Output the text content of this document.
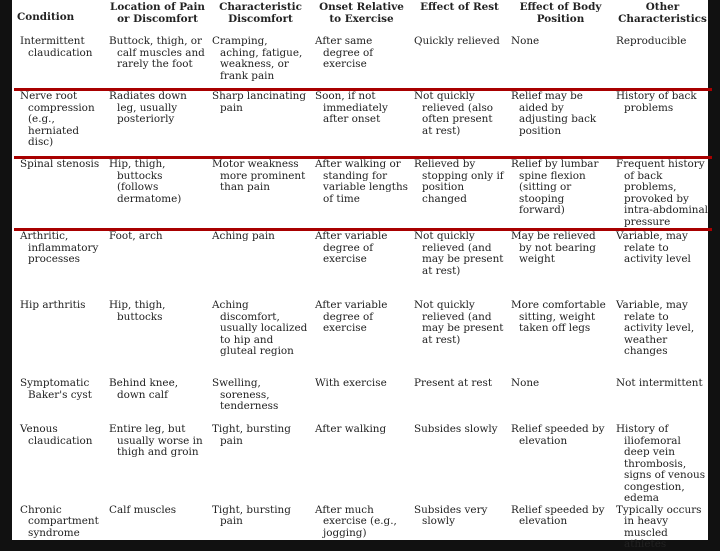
Condition	Location of Pain or Discomfort	Characteristic Discomfort	Onset Relative to Exercise	Effect of Rest	Effect of Body Position	Other Characteristics

Intermittent claudication	Buttock, thigh, or calf muscles and rarely the foot	Cramping, aching, fatigue, weakness, or frank pain	After same degree of exercise	Quickly relieved	None	Reproducible

Nerve root compression (e.g., herniated disc)	Radiates down leg, usually posteriorly	Sharp lancinating pain	Soon, if not immediately after onset	Not quickly relieved (also often present at rest)	Relief may be aided by adjusting back position	History of back problems

Spinal stenosis	Hip, thigh, buttocks (follows dermatome)	Motor weakness more prominent than pain	After walking or standing for variable lengths of time	Relieved by stopping only if position changed	Relief by lumbar spine flexion (sitting or stooping forward)	Frequent history of back problems, provoked by intra-abdominal pressure

Arthritic, inflammatory processes	Foot, arch	Aching pain	After variable degree of exercise	Not quickly relieved (and may be present at rest)	May be relieved by not bearing weight	Variable, may relate to activity level

Hip arthritis	Hip, thigh, buttocks	Aching discomfort, usually localized to hip and gluteal region	After variable degree of exercise	Not quickly relieved (and may be present at rest)	More comfortable sitting, weight taken off legs	Variable, may relate to activity level, weather changes

Symptomatic Baker's cyst	Behind knee, down calf	Swelling, soreness, tenderness	With exercise	Present at rest	None	Not intermittent

Venous claudication	Entire leg, but usually worse in thigh and groin	Tight, bursting pain	After walking	Subsides slowly	Relief speeded by elevation	History of iliofemoral deep vein thrombosis, signs of venous congestion, edema

Chronic compartment syndrome	Calf muscles	Tight, bursting pain	After much exercise (e.g., jogging)	Subsides very slowly	Relief speeded by elevation	Typically occurs in heavy muscled athletes
